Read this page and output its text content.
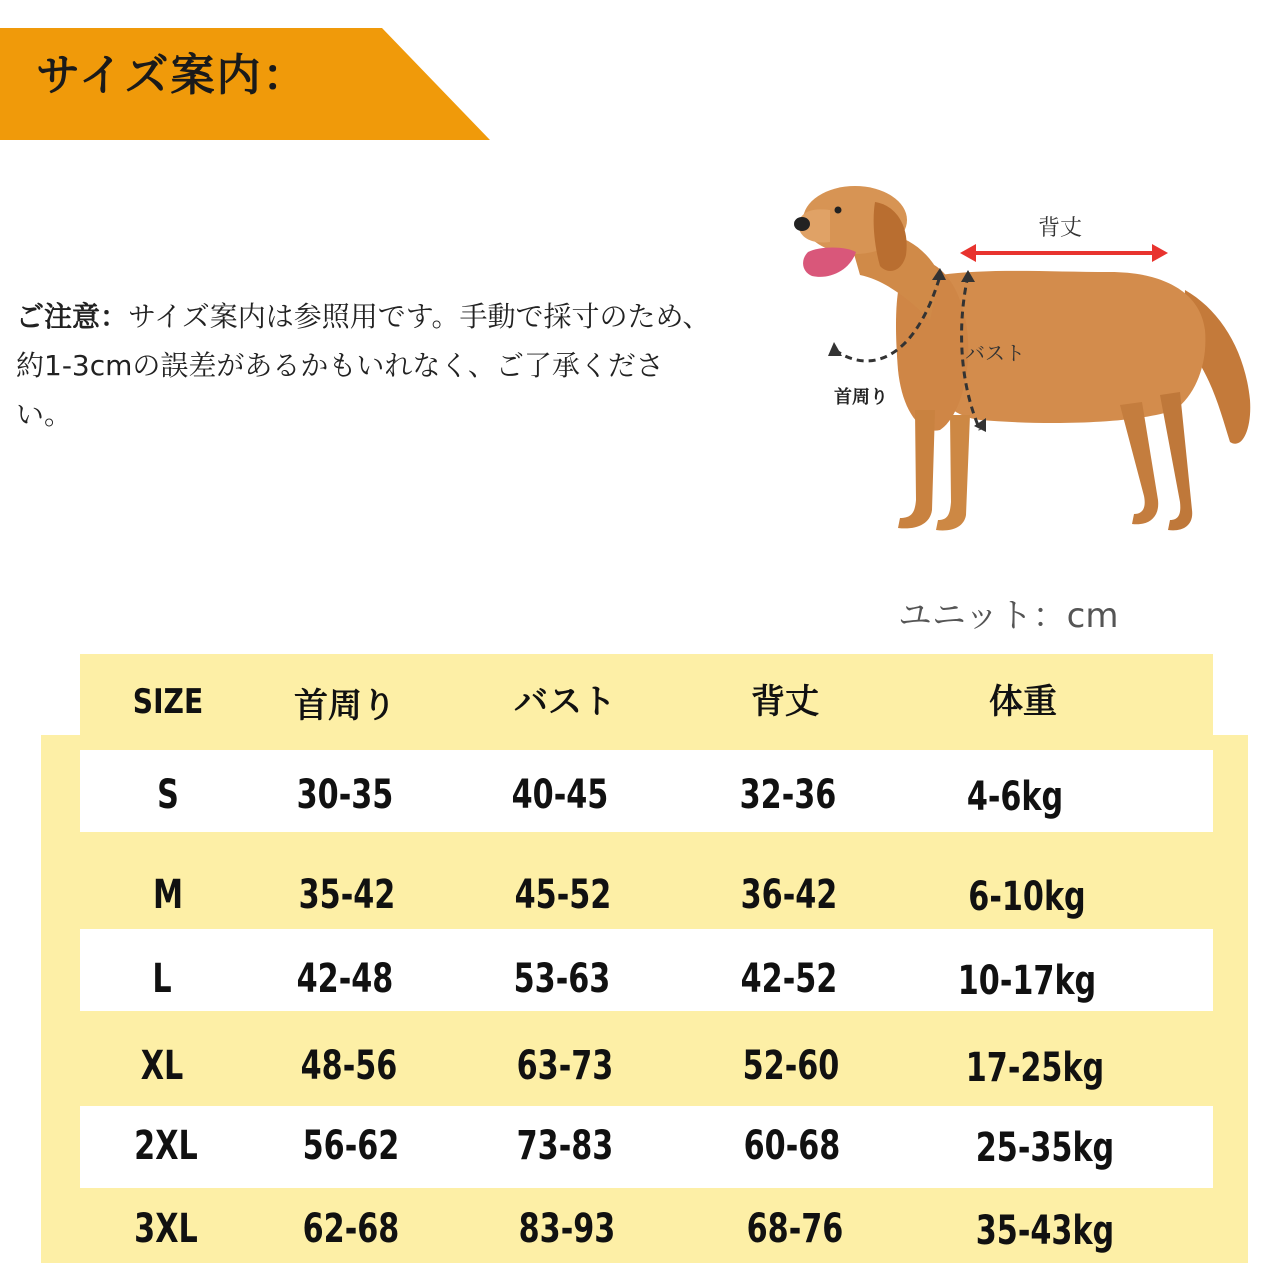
サイズ案内：

ご注意：サイズ案内は参照用です。手動で採寸のため、約1-3cmの誤差があるかもいれなく、ご了承ください。

背丈
バスト
首周り
ユニット：cm
